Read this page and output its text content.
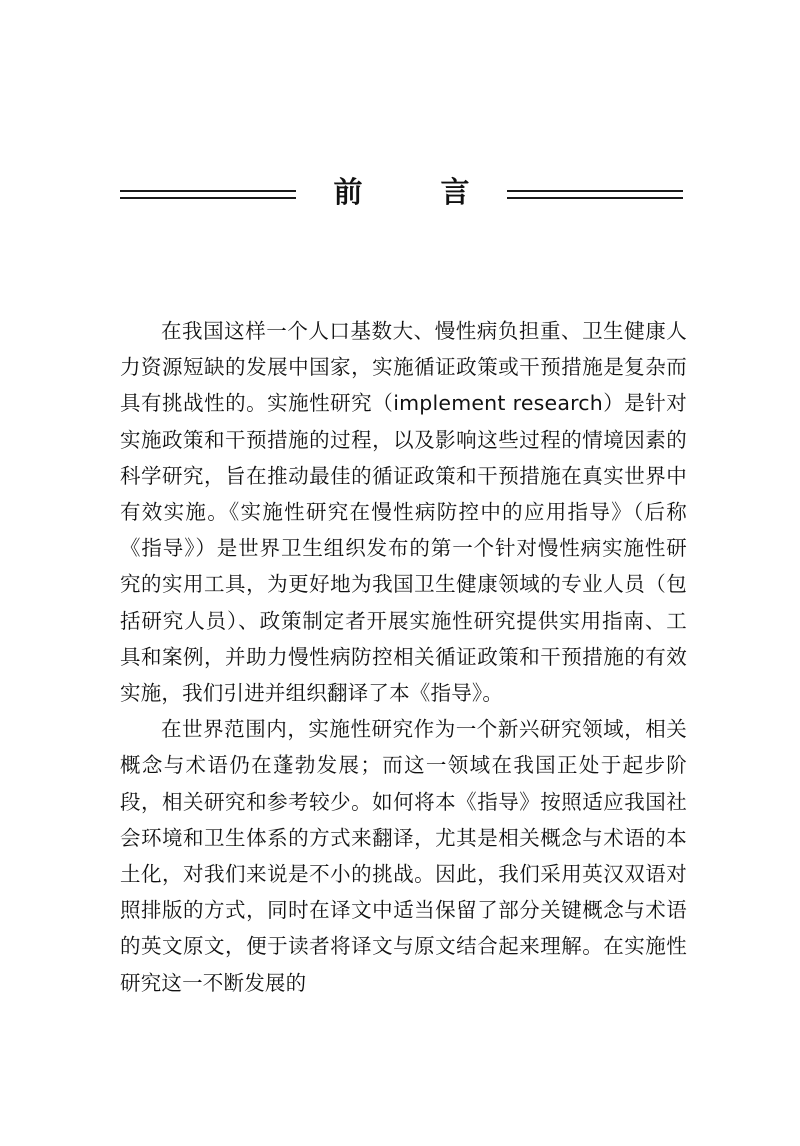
前 言

在我国这样一个人口基数大、慢性病负担重、卫生健康人力资源短缺的发展中国家，实施循证政策或干预措施是复杂而具有挑战性的。实施性研究（implement research）是针对实施政策和干预措施的过程，以及影响这些过程的情境因素的科学研究，旨在推动最佳的循证政策和干预措施在真实世界中有效实施。《实施性研究在慢性病防控中的应用指导》（后称《指导》）是世界卫生组织发布的第一个针对慢性病实施性研究的实用工具，为更好地为我国卫生健康领域的专业人员（包括研究人员）、政策制定者开展实施性研究提供实用指南、工具和案例，并助力慢性病防控相关循证政策和干预措施的有效实施，我们引进并组织翻译了本《指导》。

在世界范围内，实施性研究作为一个新兴研究领域，相关概念与术语仍在蓬勃发展；而这一领域在我国正处于起步阶段，相关研究和参考较少。如何将本《指导》按照适应我国社会环境和卫生体系的方式来翻译，尤其是相关概念与术语的本土化，对我们来说是不小的挑战。因此，我们采用英汉双语对照排版的方式，同时在译文中适当保留了部分关键概念与术语的英文原文，便于读者将译文与原文结合起来理解。在实施性研究这一不断发展的
